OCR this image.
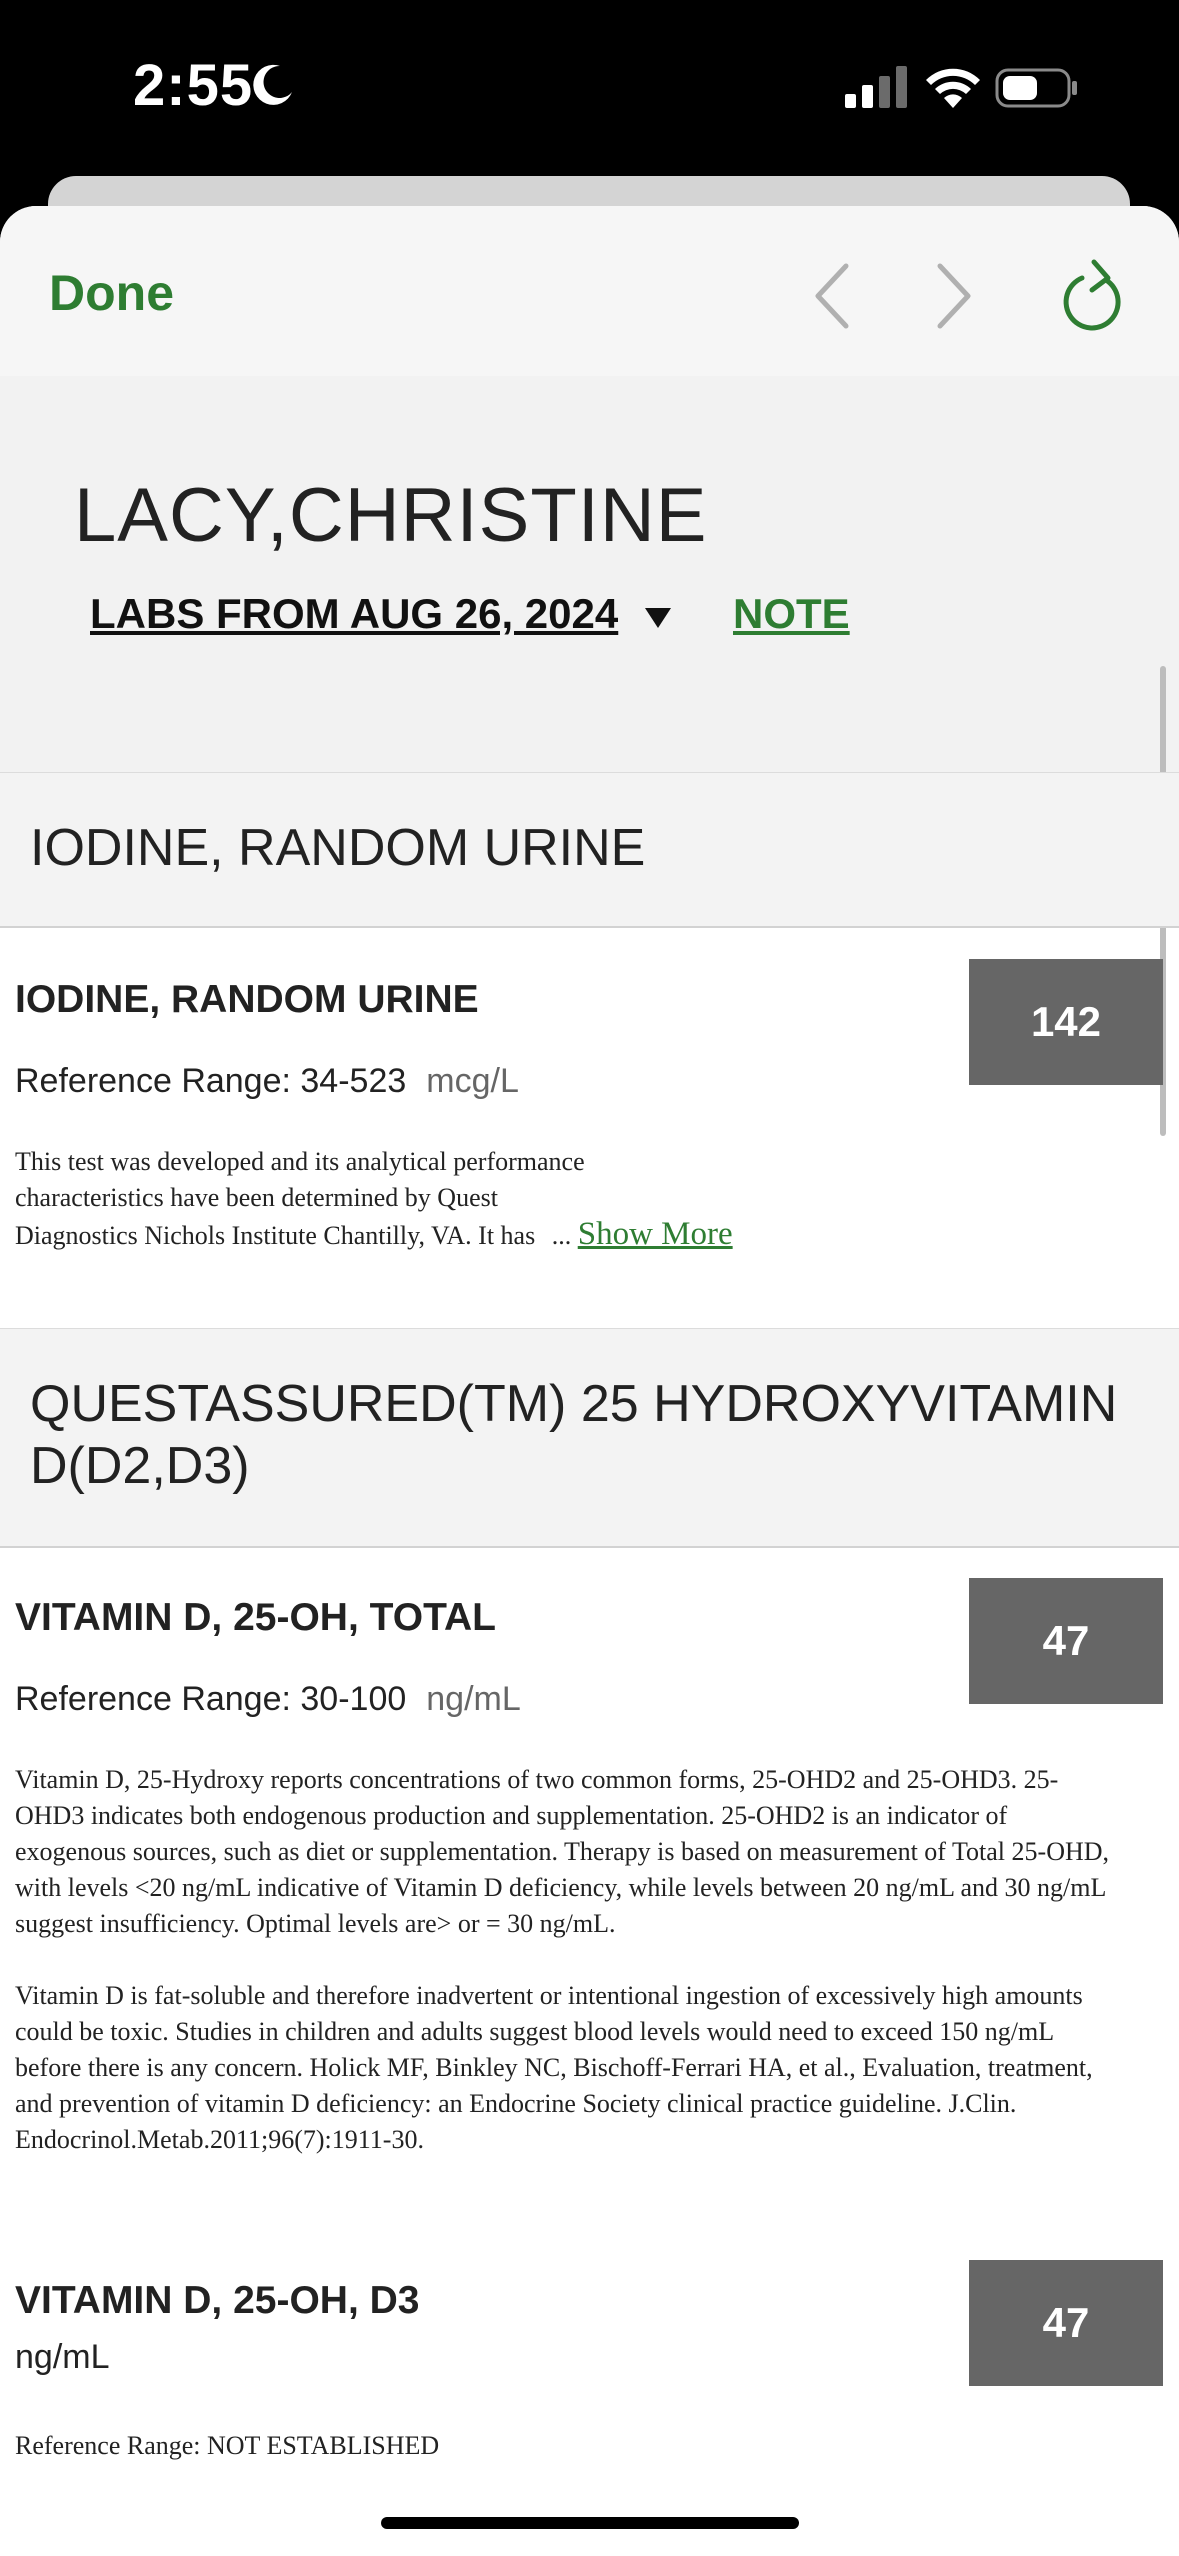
2:55
Done
LACY,CHRISTINE
LABS FROM AUG 26, 2024	NOTE
IODINE, RANDOM URINE
IODINE, RANDOM URINE	142
Reference Range: 34-523 mcg/L
This test was developed and its analytical performance
characteristics have been determined by Quest
Diagnostics Nichols Institute Chantilly, VA. It has ... Show More
QUESTASSURED(TM) 25 HYDROXYVITAMIN
D(D2,D3)
VITAMIN D, 25-OH, TOTAL	47
Reference Range: 30-100 ng/mL
Vitamin D, 25-Hydroxy reports concentrations of two common forms, 25-OHD2 and 25-OHD3. 25-
OHD3 indicates both endogenous production and supplementation. 25-OHD2 is an indicator of
exogenous sources, such as diet or supplementation. Therapy is based on measurement of Total 25-OHD,
with levels <20 ng/mL indicative of Vitamin D deficiency, while levels between 20 ng/mL and 30 ng/mL
suggest insufficiency. Optimal levels are> or = 30 ng/mL.
Vitamin D is fat-soluble and therefore inadvertent or intentional ingestion of excessively high amounts
could be toxic. Studies in children and adults suggest blood levels would need to exceed 150 ng/mL
before there is any concern. Holick MF, Binkley NC, Bischoff-Ferrari HA, et al., Evaluation, treatment,
and prevention of vitamin D deficiency: an Endocrine Society clinical practice guideline. J.Clin.
Endocrinol.Metab.2011;96(7):1911-30.
VITAMIN D, 25-OH, D3	47
ng/mL
Reference Range: NOT ESTABLISHED
